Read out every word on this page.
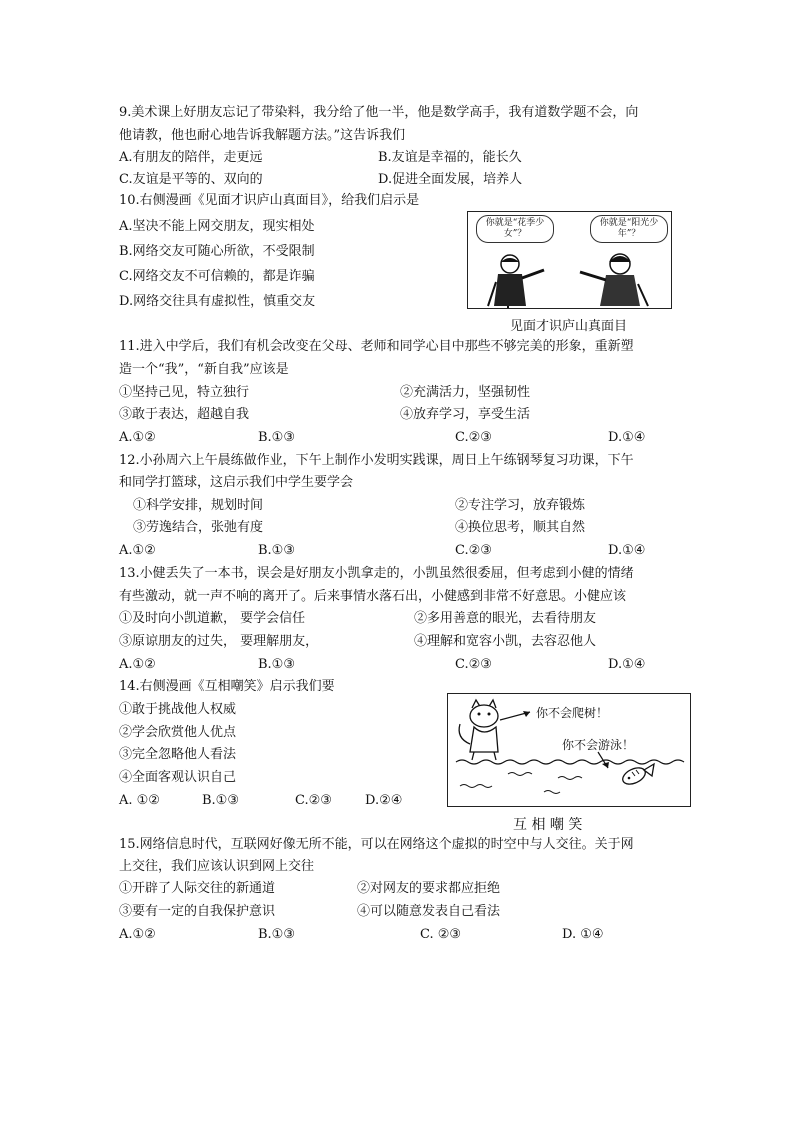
9.美术课上好朋友忘记了带染料，我分给了他一半，他是数学高手，我有道数学题不会，向
他请教，他也耐心地告诉我解题方法。”这告诉我们
A.有朋友的陪伴，走更远	B.友谊是幸福的，能长久
C.友谊是平等的、双向的	D.促进全面发展，培养人
10.右侧漫画《见面才识庐山真面目》，给我们启示是
A.坚决不能上网交朋友，现实相处
B.网络交友可随心所欲，不受限制
C.网络交友不可信赖的，都是诈骗
D.网络交往具有虚拟性，慎重交友
你就是“花季少女”？
你就是“阳光少年”？
见面才识庐山真面目
11.进入中学后，我们有机会改变在父母、老师和同学心目中那些不够完美的形象，重新塑
造一个“我”，“新自我”应该是
①坚持己见，特立独行	②充满活力，坚强韧性
③敢于表达，超越自我	④放弃学习，享受生活
A.①②	B.①③	C.②③	D.①④
12.小孙周六上午晨练做作业，下午上制作小发明实践课，周日上午练钢琴复习功课，下午
和同学打篮球，这启示我们中学生要学会
①科学安排，规划时间	②专注学习，放弃锻炼
③劳逸结合，张弛有度	④换位思考，顺其自然
A.①②	B.①③	C.②③	D.①④
13.小健丢失了一本书，误会是好朋友小凯拿走的，小凯虽然很委屈，但考虑到小健的情绪
有些激动，就一声不响的离开了。后来事情水落石出，小健感到非常不好意思。小健应该
①及时向小凯道歉， 要学会信任	②多用善意的眼光，去看待朋友
③原谅朋友的过失， 要理解朋友，	④理解和宽容小凯，去容忍他人
A.①②	B.①③	C.②③	D.①④
14.右侧漫画《互相嘲笑》启示我们要
①敢于挑战他人权威
②学会欣赏他人优点
③完全忽略他人看法
④全面客观认识自己
A. ①②	B.①③	C.②③	D.②④
你不会爬树！
你不会游泳！
互 相 嘲 笑
15.网络信息时代，互联网好像无所不能，可以在网络这个虚拟的时空中与人交往。关于网
上交往，我们应该认识到网上交往
①开辟了人际交往的新通道	②对网友的要求都应拒绝
③要有一定的自我保护意识	④可以随意发表自己看法
A.①②	B.①③	C. ②③	D. ①④
